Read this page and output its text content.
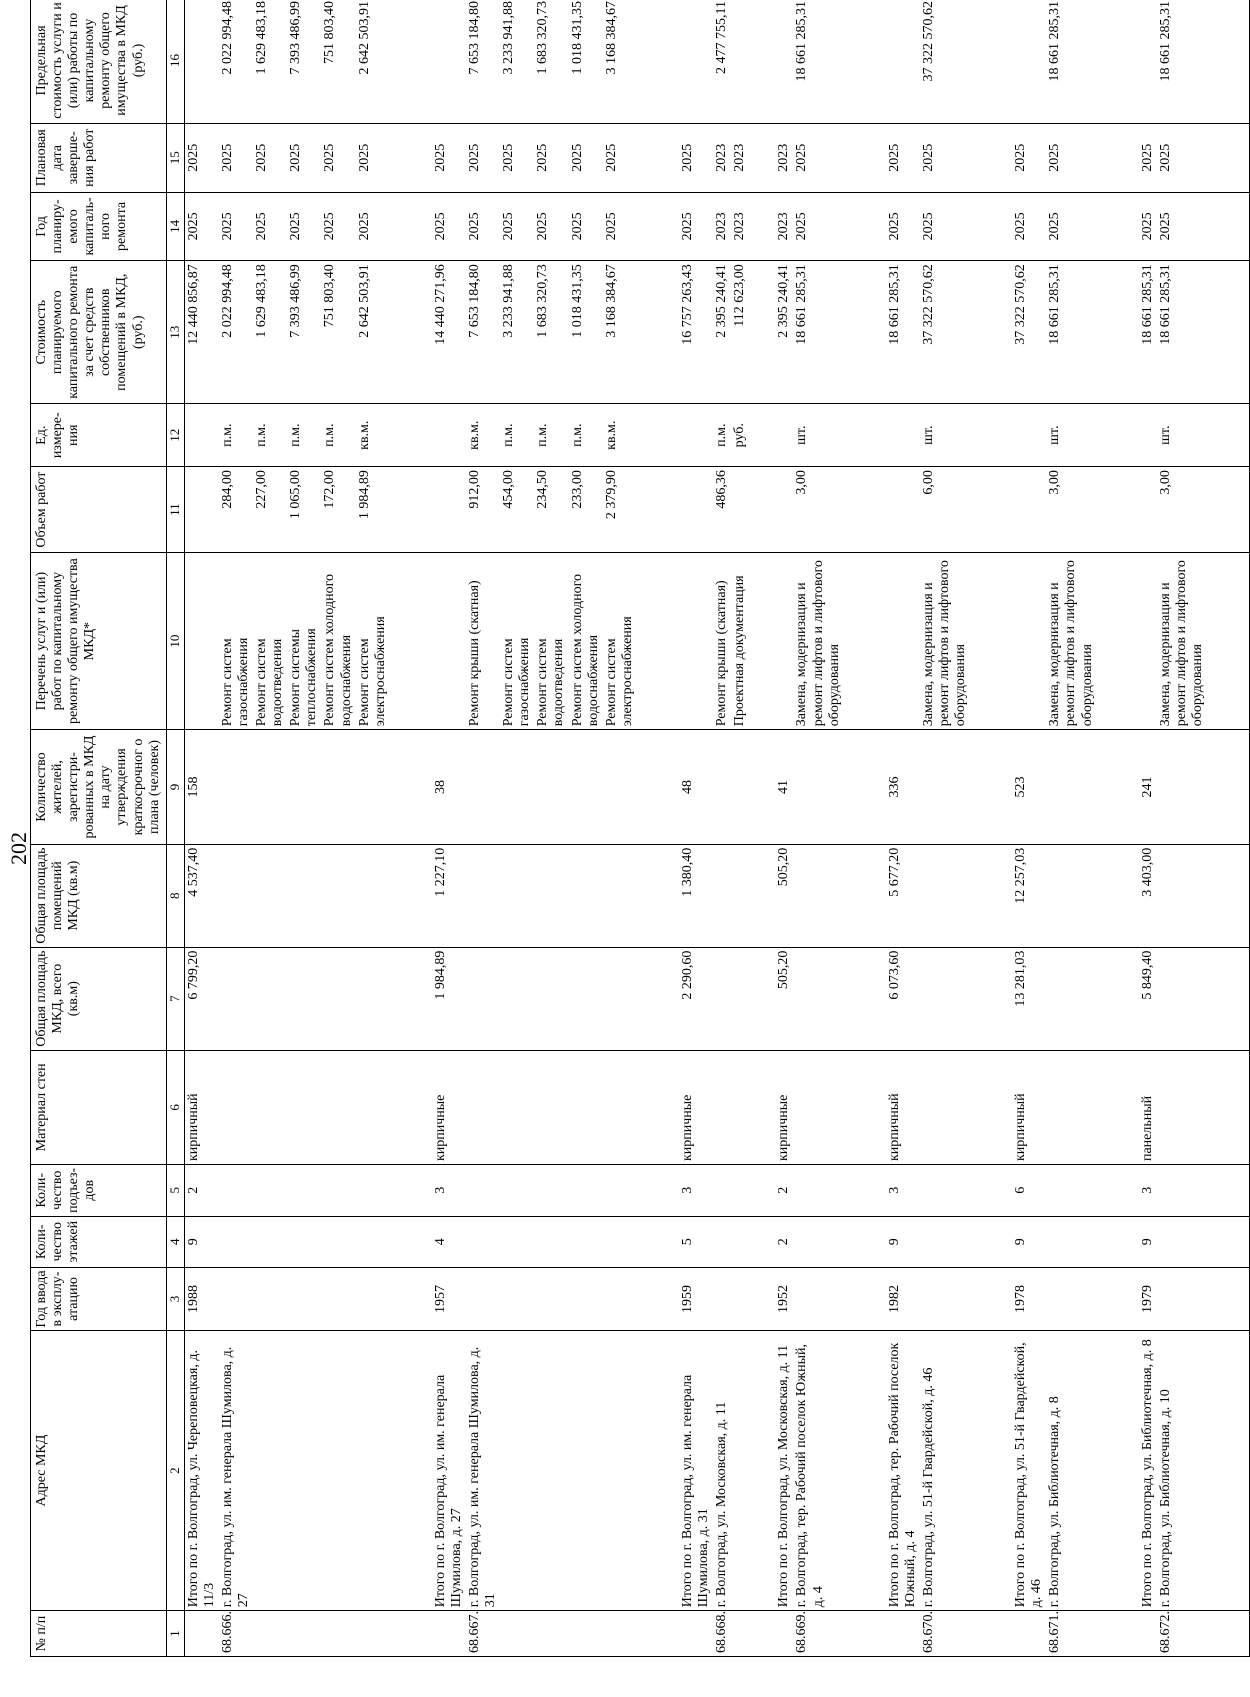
202
№ п/п	Адрес МКД	Год ввода в эксплу-атацию	Коли-чество этажей	Коли-чество подъез-дов	Материал стен	Общая площадь МКД, всего (кв.м)	Общая площадь помещений МКД (кв.м)	Количество жителей, зарегистри-рованных в МКД на дату утверждения краткосрочног о плана (человек)	Перечень услуг и (или) работ по капитальному ремонту общего имущества МКД*	Объем работ	Ед. измере-ния	Стоимость планируемого капитального ремонта за счет средств собственников помещений в МКД, (руб.)	Год планиру-емого капиталь-ного ремонта	Плановая дата заверше-ния работ	Предельная стоимость услуги и (или) работы по капитальному ремонту общего имущества в МКД (руб.)
1	2	3	4	5	6	7	8	9	10	11	12	13	14	15	16
	Итого по г. Волгоград, ул. Череповецкая, д. 11/3	1988	9	2	кирпичный	6 799,20	4 537,40	158				12 440 856,87	2025	2025	
68.666.	г. Волгоград, ул. им. генерала Шумилова, д. 27								Ремонт систем газоснабжения	284,00	п.м.	2 022 994,48	2025	2025	2 022 994,48
									Ремонт систем водоотведения	227,00	п.м.	1 629 483,18	2025	2025	1 629 483,18
									Ремонт системы теплоснабжения	1 065,00	п.м.	7 393 486,99	2025	2025	7 393 486,99
									Ремонт систем холодного водоснабжения	172,00	п.м.	751 803,40	2025	2025	751 803,40
									Ремонт систем электроснабжения	1 984,89	кв.м.	2 642 503,91	2025	2025	2 642 503,91

	Итого по г. Волгоград, ул. им. генерала Шумилова, д. 27	1957	4	3	кирпичные	1 984,89	1 227,10	38				14 440 271,96	2025	2025	
68.667.	г. Волгоград, ул. им. генерала Шумилова, д. 31								Ремонт крыши (скатная)	912,00	кв.м.	7 653 184,80	2025	2025	7 653 184,80
									Ремонт систем газоснабжения	454,00	п.м.	3 233 941,88	2025	2025	3 233 941,88
									Ремонт систем водоотведения	234,50	п.м.	1 683 320,73	2025	2025	1 683 320,73
									Ремонт систем холодного водоснабжения	233,00	п.м.	1 018 431,35	2025	2025	1 018 431,35
									Ремонт систем электроснабжения	2 379,90	кв.м.	3 168 384,67	2025	2025	3 168 384,67

	Итого по г. Волгоград, ул. им. генерала Шумилова, д. 31	1959	5	3	кирпичные	2 290,60	1 380,40	48				16 757 263,43	2025	2025	
68.668.	г. Волгоград, ул. Московская, д. 11								Ремонт крыши (скатная)	486,36	п.м.	2 395 240,41	2023	2023	2 477 755,11
									Проектная документация		руб.	112 623,00	2023	2023	

	Итого по г. Волгоград, ул. Московская, д. 11	1952	2	2	кирпичные	505,20	505,20	41				2 395 240,41	2023	2023	
68.669.	г. Волгоград, тер. Рабочий поселок Южный, д. 4								Замена, модернизация и ремонт лифтов и лифтового оборудования	3,00	шт.	18 661 285,31	2025	2025	18 661 285,31

	Итого по г. Волгоград, тер. Рабочий поселок Южный, д. 4	1982	9	3	кирпичный	6 073,60	5 677,20	336				18 661 285,31	2025	2025	
68.670.	г. Волгоград, ул. 51-й Гвардейской, д. 46								Замена, модернизация и ремонт лифтов и лифтового оборудования	6,00	шт.	37 322 570,62	2025	2025	37 322 570,62

	Итого по г. Волгоград, ул. 51-й Гвардейской, д. 46	1978	9	6	кирпичный	13 281,03	12 257,03	523				37 322 570,62	2025	2025	
68.671.	г. Волгоград, ул. Библиотечная, д. 8								Замена, модернизация и ремонт лифтов и лифтового оборудования	3,00	шт.	18 661 285,31	2025	2025	18 661 285,31

	Итого по г. Волгоград, ул. Библиотечная, д. 8	1979	9	3	панельный	5 849,40	3 403,00	241				18 661 285,31	2025	2025	
68.672.	г. Волгоград, ул. Библиотечная, д. 10								Замена, модернизация и ремонт лифтов и лифтового оборудования	3,00	шт.	18 661 285,31	2025	2025	18 661 285,31
